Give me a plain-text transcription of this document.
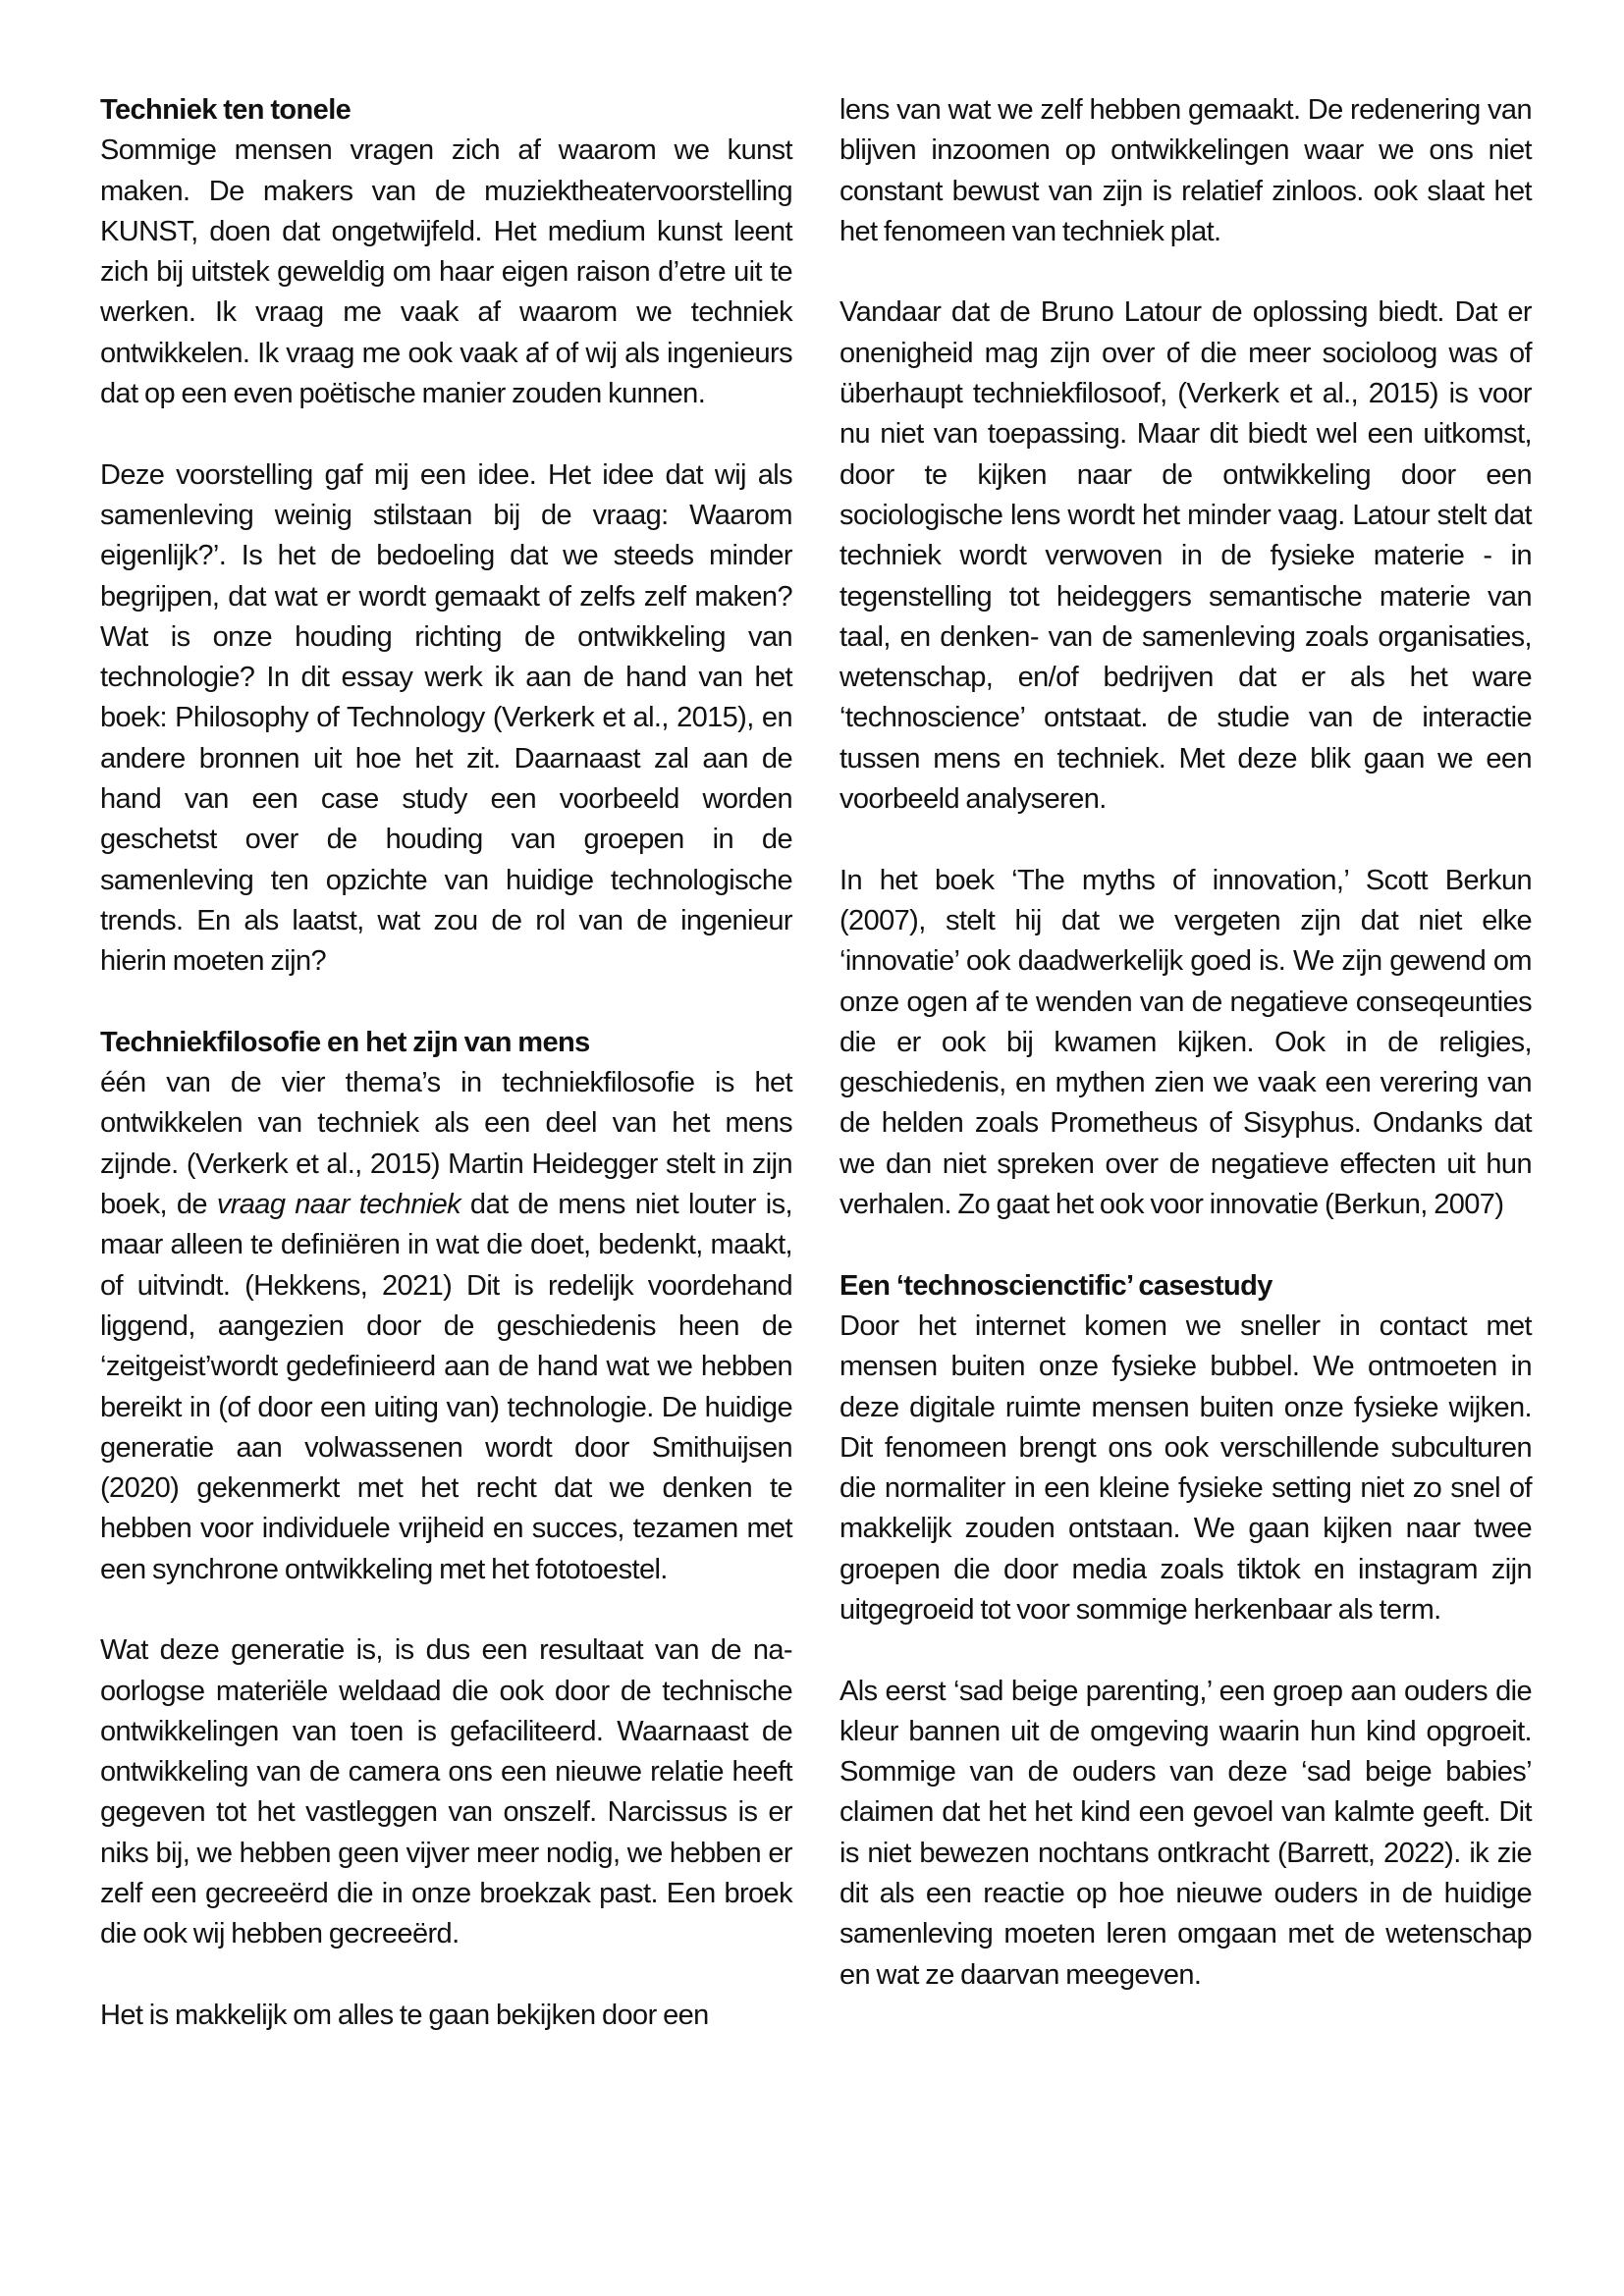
Techniek ten tonele

Sommige mensen vragen zich af waarom we kunst maken. De makers van de muziektheatervoorstelling KUNST, doen dat ongetwijfeld. Het medium kunst leent zich bij uitstek geweldig om haar eigen raison d’etre uit te werken. Ik vraag me vaak af waarom we techniek ontwikkelen. Ik vraag me ook vaak af of wij als ingenieurs dat op een even poëtische manier zouden kunnen.

Deze voorstelling gaf mij een idee. Het idee dat wij als samenleving weinig stilstaan bij de vraag: Waarom eigenlijk?’. Is het de bedoeling dat we steeds minder begrijpen, dat wat er wordt gemaakt of zelfs zelf maken? Wat is onze houding richting de ontwikkeling van technologie? In dit essay werk ik aan de hand van het boek: Philosophy of Technology (Verkerk et al., 2015), en andere bronnen uit hoe het zit. Daarnaast zal aan de hand van een case study een voorbeeld worden geschetst over de houding van groepen in de samenleving ten opzichte van huidige technologische trends. En als laatst, wat zou de rol van de ingenieur hierin moeten zijn?

Techniekfilosofie en het zijn van mens

één van de vier thema’s in techniekfilosofie is het ontwikkelen van techniek als een deel van het mens zijnde. (Verkerk et al., 2015) Martin Heidegger stelt in zijn boek, de vraag naar techniek dat de mens niet louter is, maar alleen te definiëren in wat die doet, bedenkt, maakt, of uitvindt. (Hekkens, 2021) Dit is redelijk voordehand liggend, aangezien door de geschiedenis heen de ‘zeitgeist’wordt gedefinieerd aan de hand wat we hebben bereikt in (of door een uiting van) technologie. De huidige generatie aan volwassenen wordt door Smithuijsen (2020) gekenmerkt met het recht dat we denken te hebben voor individuele vrijheid en succes, tezamen met een synchrone ontwikkeling met het fototoestel.

Wat deze generatie is, is dus een resultaat van de na-oorlogse materiële weldaad die ook door de technische ontwikkelingen van toen is gefaciliteerd. Waarnaast de ontwikkeling van de camera ons een nieuwe relatie heeft gegeven tot het vastleggen van onszelf. Narcissus is er niks bij, we hebben geen vijver meer nodig, we hebben er zelf een gecreeërd die in onze broekzak past. Een broek die ook wij hebben gecreeërd.

Het is makkelijk om alles te gaan bekijken door een

lens van wat we zelf hebben gemaakt. De redenering van blijven inzoomen op ontwikkelingen waar we ons niet constant bewust van zijn is relatief zinloos. ook slaat het het fenomeen van techniek plat.

Vandaar dat de Bruno Latour de oplossing biedt. Dat er onenigheid mag zijn over of die meer socioloog was of überhaupt techniekfilosoof, (Verkerk et al., 2015) is voor nu niet van toepassing. Maar dit biedt wel een uitkomst, door te kijken naar de ontwikkeling door een sociologische lens wordt het minder vaag. Latour stelt dat techniek wordt verwoven in de fysieke materie - in tegenstelling tot heideggers semantische materie van taal, en denken- van de samenleving zoals organisaties, wetenschap, en/of bedrijven dat er als het ware ‘technoscience’ ontstaat. de studie van de interactie tussen mens en techniek. Met deze blik gaan we een voorbeeld analyseren.

In het boek ‘The myths of innovation,’ Scott Berkun (2007), stelt hij dat we vergeten zijn dat niet elke ‘innovatie’ ook daadwerkelijk goed is. We zijn gewend om onze ogen af te wenden van de negatieve conseqeunties die er ook bij kwamen kijken. Ook in de religies, geschiedenis, en mythen zien we vaak een verering van de helden zoals Prometheus of Sisyphus. Ondanks dat we dan niet spreken over de negatieve effecten uit hun verhalen. Zo gaat het ook voor innovatie (Berkun, 2007)

Een ‘technoscienctific’ casestudy

Door het internet komen we sneller in contact met mensen buiten onze fysieke bubbel. We ontmoeten in deze digitale ruimte mensen buiten onze fysieke wijken. Dit fenomeen brengt ons ook verschillende subculturen die normaliter in een kleine fysieke setting niet zo snel of makkelijk zouden ontstaan. We gaan kijken naar twee groepen die door media zoals tiktok en instagram zijn uitgegroeid tot voor sommige herkenbaar als term.

Als eerst ‘sad beige parenting,’ een groep aan ouders die kleur bannen uit de omgeving waarin hun kind opgroeit. Sommige van de ouders van deze ‘sad beige babies’ claimen dat het het kind een gevoel van kalmte geeft. Dit is niet bewezen nochtans ontkracht (Barrett, 2022). ik zie dit als een reactie op hoe nieuwe ouders in de huidige samenleving moeten leren omgaan met de wetenschap en wat ze daarvan meegeven.
